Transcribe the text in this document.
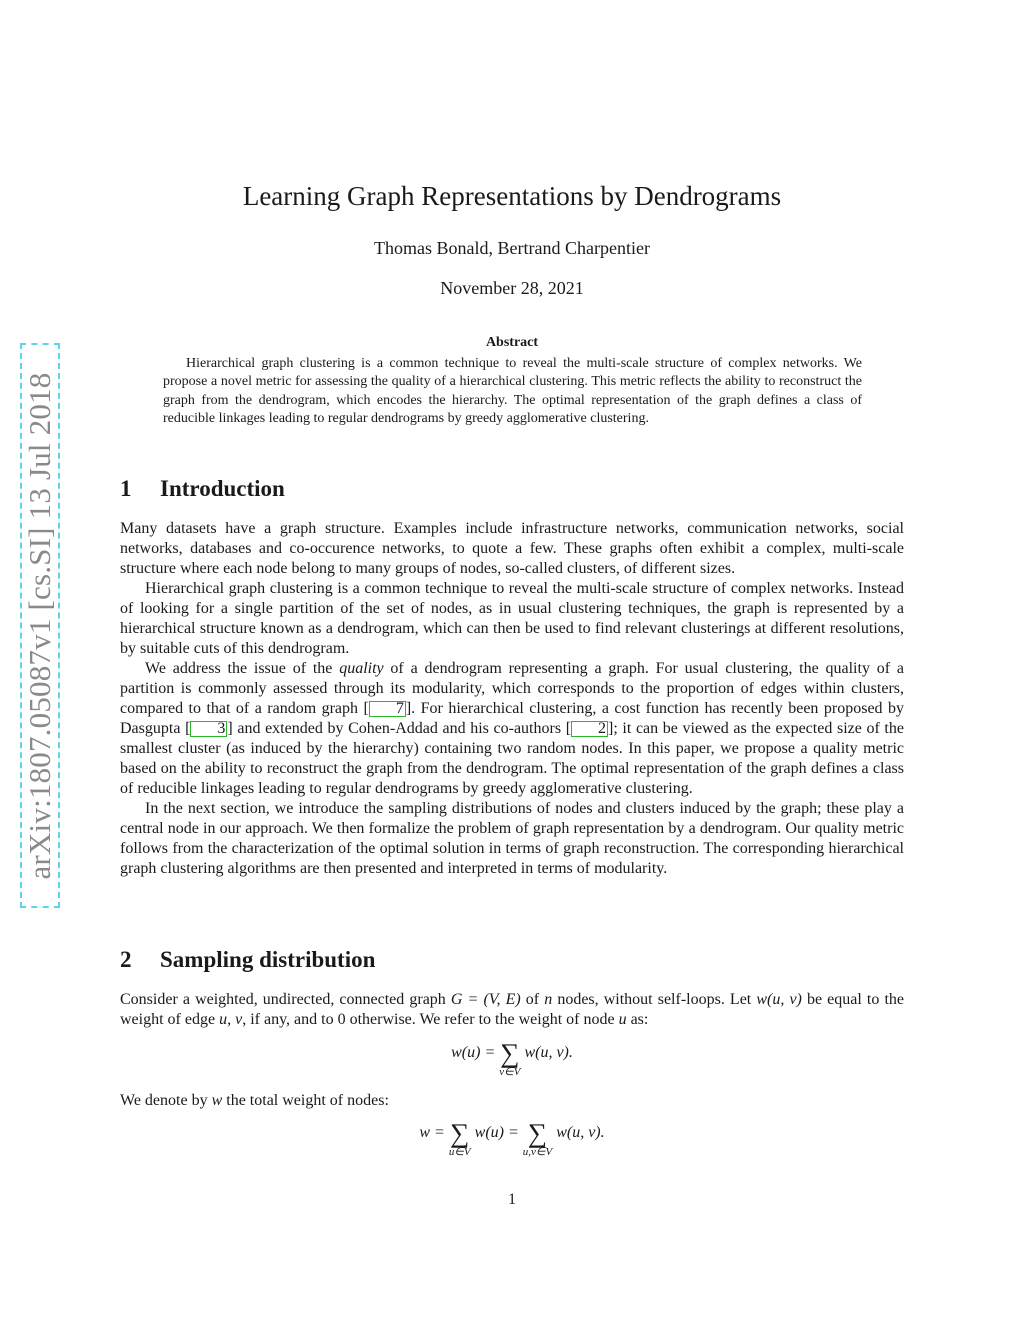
arXiv:1807.05087v1 [cs.SI] 13 Jul 2018
Learning Graph Representations by Dendrograms
Thomas Bonald, Bertrand Charpentier
November 28, 2021
Abstract

Hierarchical graph clustering is a common technique to reveal the multi-scale structure of complex networks. We propose a novel metric for assessing the quality of a hierarchical clustering. This metric reflects the ability to reconstruct the graph from the dendrogram, which encodes the hierarchy. The optimal representation of the graph defines a class of reducible linkages leading to regular dendrograms by greedy agglomerative clustering.

1 Introduction

Many datasets have a graph structure. Examples include infrastructure networks, communication networks, social networks, databases and co-occurence networks, to quote a few. These graphs often exhibit a complex, multi-scale structure where each node belong to many groups of nodes, so-called clusters, of different sizes.

Hierarchical graph clustering is a common technique to reveal the multi-scale structure of complex networks. Instead of looking for a single partition of the set of nodes, as in usual clustering techniques, the graph is represented by a hierarchical structure known as a dendrogram, which can then be used to find relevant clusterings at different resolutions, by suitable cuts of this dendrogram.

We address the issue of the quality of a dendrogram representing a graph. For usual clustering, the quality of a partition is commonly assessed through its modularity, which corresponds to the proportion of edges within clusters, compared to that of a random graph [ 7 ]. For hierarchical clustering, a cost function has recently been proposed by Dasgupta [ 3 ] and extended by Cohen-Addad and his co-authors [ 2 ]; it can be viewed as the expected size of the smallest cluster (as induced by the hierarchy) containing two random nodes. In this paper, we propose a quality metric based on the ability to reconstruct the graph from the dendrogram. The optimal representation of the graph defines a class of reducible linkages leading to regular dendrograms by greedy agglomerative clustering.

In the next section, we introduce the sampling distributions of nodes and clusters induced by the graph; these play a central node in our approach. We then formalize the problem of graph representation by a dendrogram. Our quality metric follows from the characterization of the optimal solution in terms of graph reconstruction. The corresponding hierarchical graph clustering algorithms are then presented and interpreted in terms of modularity.

2 Sampling distribution

Consider a weighted, undirected, connected graph G = (V, E) of n nodes, without self-loops. Let w(u, v) be equal to the weight of edge u, v, if any, and to 0 otherwise. We refer to the weight of node u as:

w(u) = ∑
v∈V
w(u, v).

We denote by w the total weight of nodes:

w = ∑
u∈V
w(u) = ∑
u,v∈V
w(u, v).
1
